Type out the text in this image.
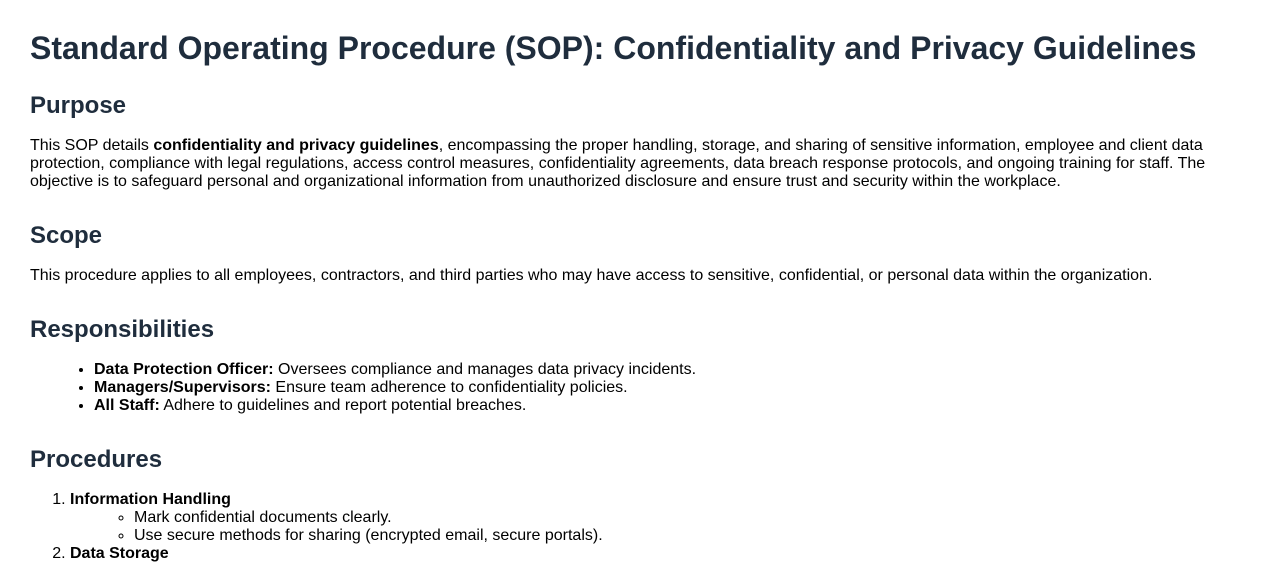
Standard Operating Procedure (SOP): Confidentiality and Privacy Guidelines
Purpose

This SOP details confidentiality and privacy guidelines, encompassing the proper handling, storage, and sharing of sensitive information, employee and client data protection, compliance with legal regulations, access control measures, confidentiality agreements, data breach response protocols, and ongoing training for staff. The objective is to safeguard personal and organizational information from unauthorized disclosure and ensure trust and security within the workplace.

Scope

This procedure applies to all employees, contractors, and third parties who may have access to sensitive, confidential, or personal data within the organization.

Responsibilities
• Data Protection Officer: Oversees compliance and manages data privacy incidents.
• Managers/Supervisors: Ensure team adherence to confidentiality policies.
• All Staff: Adhere to guidelines and report potential breaches.
Procedures
1. Information Handling
◦ Mark confidential documents clearly.
◦ Use secure methods for sharing (encrypted email, secure portals).
2. Data Storage
